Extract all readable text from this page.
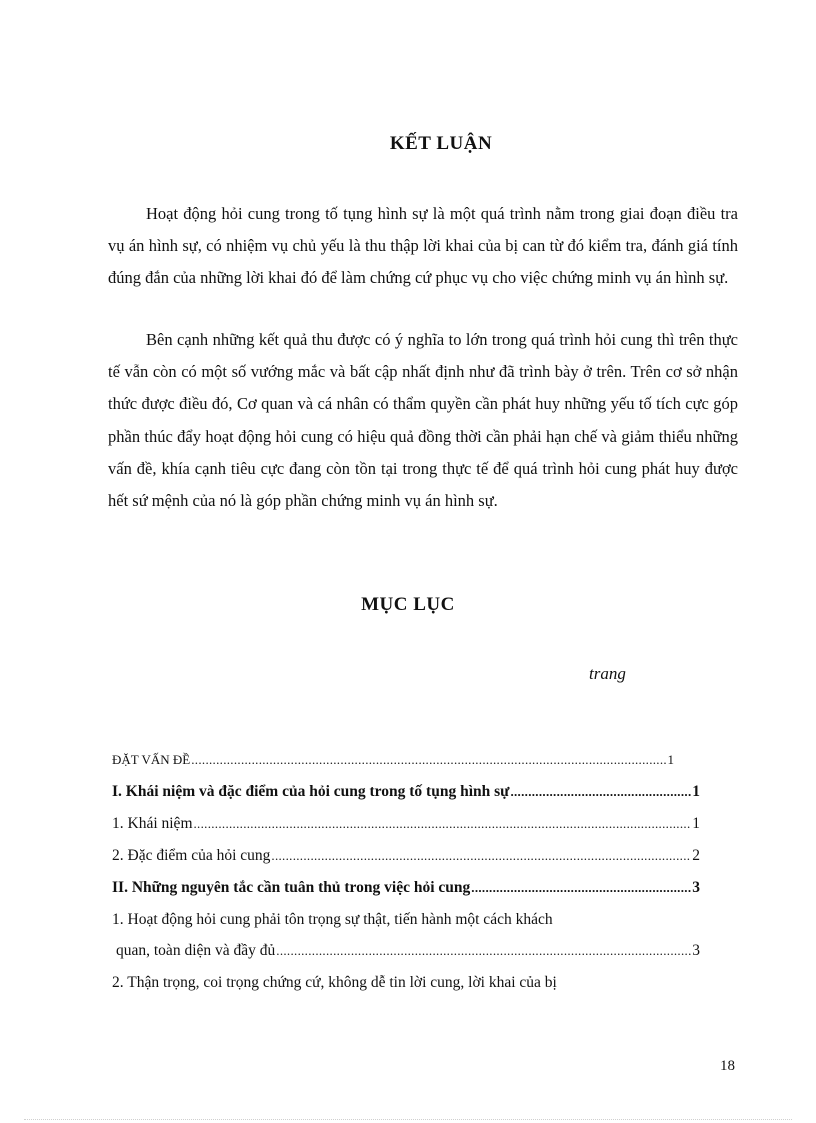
KẾT LUẬN

Hoạt động hỏi cung trong tố tụng hình sự là một quá trình nằm trong giai đoạn điều tra vụ án hình sự, có nhiệm vụ chủ yếu là thu thập lời khai của bị can từ đó kiểm tra, đánh giá tính đúng đắn của những lời khai đó để làm chứng cứ phục vụ cho việc chứng minh vụ án hình sự.

Bên cạnh những kết quả thu được có ý nghĩa to lớn trong quá trình hỏi cung thì trên thực tế vẫn còn có một số vướng mắc và bất cập nhất định như đã trình bày ở trên. Trên cơ sở nhận thức được điều đó, Cơ quan và cá nhân có thẩm quyền cần phát huy những yếu tố tích cực góp phần thúc đẩy hoạt động hỏi cung có hiệu quả đồng thời cần phải hạn chế và giảm thiểu những vấn đề, khía cạnh tiêu cực đang còn tồn tại trong thực tế để quá trình hỏi cung phát huy được hết sứ mệnh của nó là góp phần chứng minh vụ án hình sự.

MỤC LỤC
trang
ĐẶT VẤN ĐỀ .....	1
I. Khái niệm và đặc điểm của hỏi cung trong tố tụng hình sự .....	1
1. Khái niệm .....	1
2. Đặc điểm của hỏi cung .....	2
II. Những nguyên tắc cần tuân thủ trong việc hỏi cung .....	3
1. Hoạt động hỏi cung phải tôn trọng sự thật, tiến hành một cách khách
quan, toàn diện và đầy đủ .....	3
2. Thận trọng, coi trọng chứng cứ, không dễ tin lời cung, lời khai của bị
18
